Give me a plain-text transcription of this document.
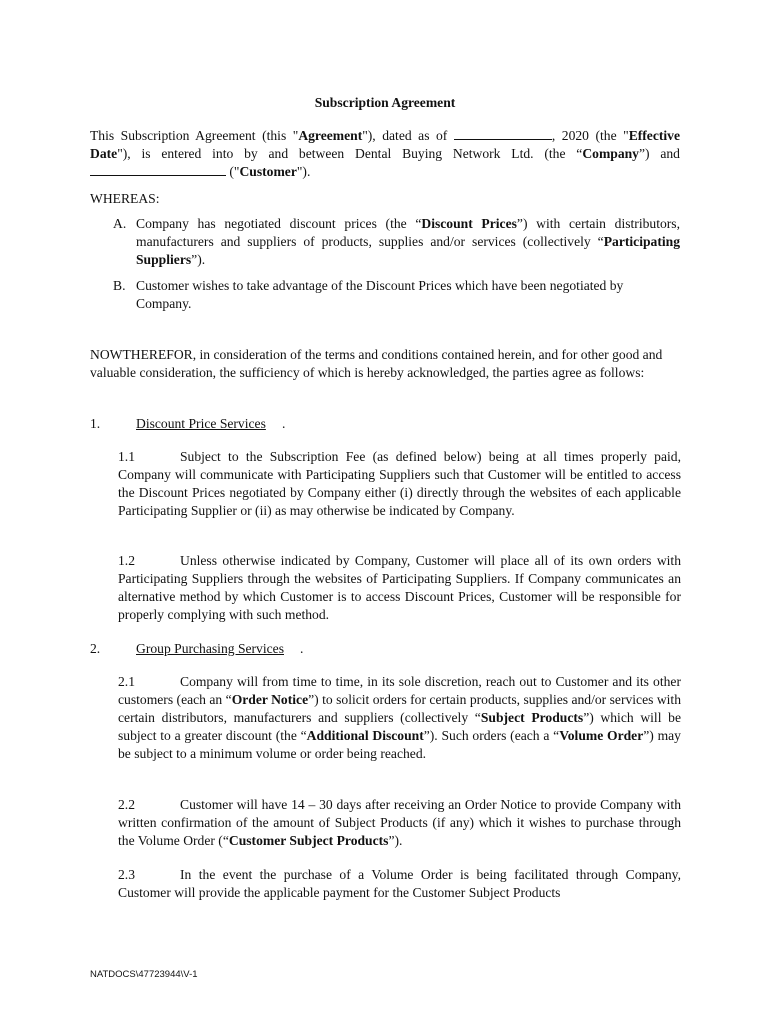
Subscription Agreement
This Subscription Agreement (this "Agreement"), dated as of	, 2020 (the "Effective Date"), is entered into by and between Dental Buying Network Ltd. (the “Company”) and  ("Customer").
WHEREAS:
A. Company has negotiated discount prices (the “Discount Prices”) with certain distributors, manufacturers and suppliers of products, supplies and/or services (collectively “Participating Suppliers”).
B. Customer wishes to take advantage of the Discount Prices which have been negotiated by Company.
NOWTHEREFOR, in consideration of the terms and conditions contained herein, and for other good and valuable consideration, the sufficiency of which is hereby acknowledged, the parties agree as follows:
1.	Discount Price Services .
1.1	Subject to the Subscription Fee (as defined below) being at all times properly paid, Company will communicate with Participating Suppliers such that Customer will be entitled to access the Discount Prices negotiated by Company either (i) directly through the websites of each applicable Participating Supplier or (ii) as may otherwise be indicated by Company.
1.2	Unless otherwise indicated by Company, Customer will place all of its own orders with Participating Suppliers through the websites of Participating Suppliers. If Company communicates an alternative method by which Customer is to access Discount Prices, Customer will be responsible for properly complying with such method.
2.	Group Purchasing Services .
2.1	Company will from time to time, in its sole discretion, reach out to Customer and its other customers (each an “Order Notice”) to solicit orders for certain products, supplies and/or services with certain distributors, manufacturers and suppliers (collectively “Subject Products”) which will be subject to a greater discount (the “Additional Discount”). Such orders (each a “Volume Order”) may be subject to a minimum volume or order being reached.
2.2	Customer will have 14 – 30 days after receiving an Order Notice to provide Company with written confirmation of the amount of Subject Products (if any) which it wishes to purchase through the Volume Order (“Customer Subject Products”).
2.3	In the event the purchase of a Volume Order is being facilitated through Company, Customer will provide the applicable payment for the Customer Subject Products
NATDOCS\47723944\V-1
